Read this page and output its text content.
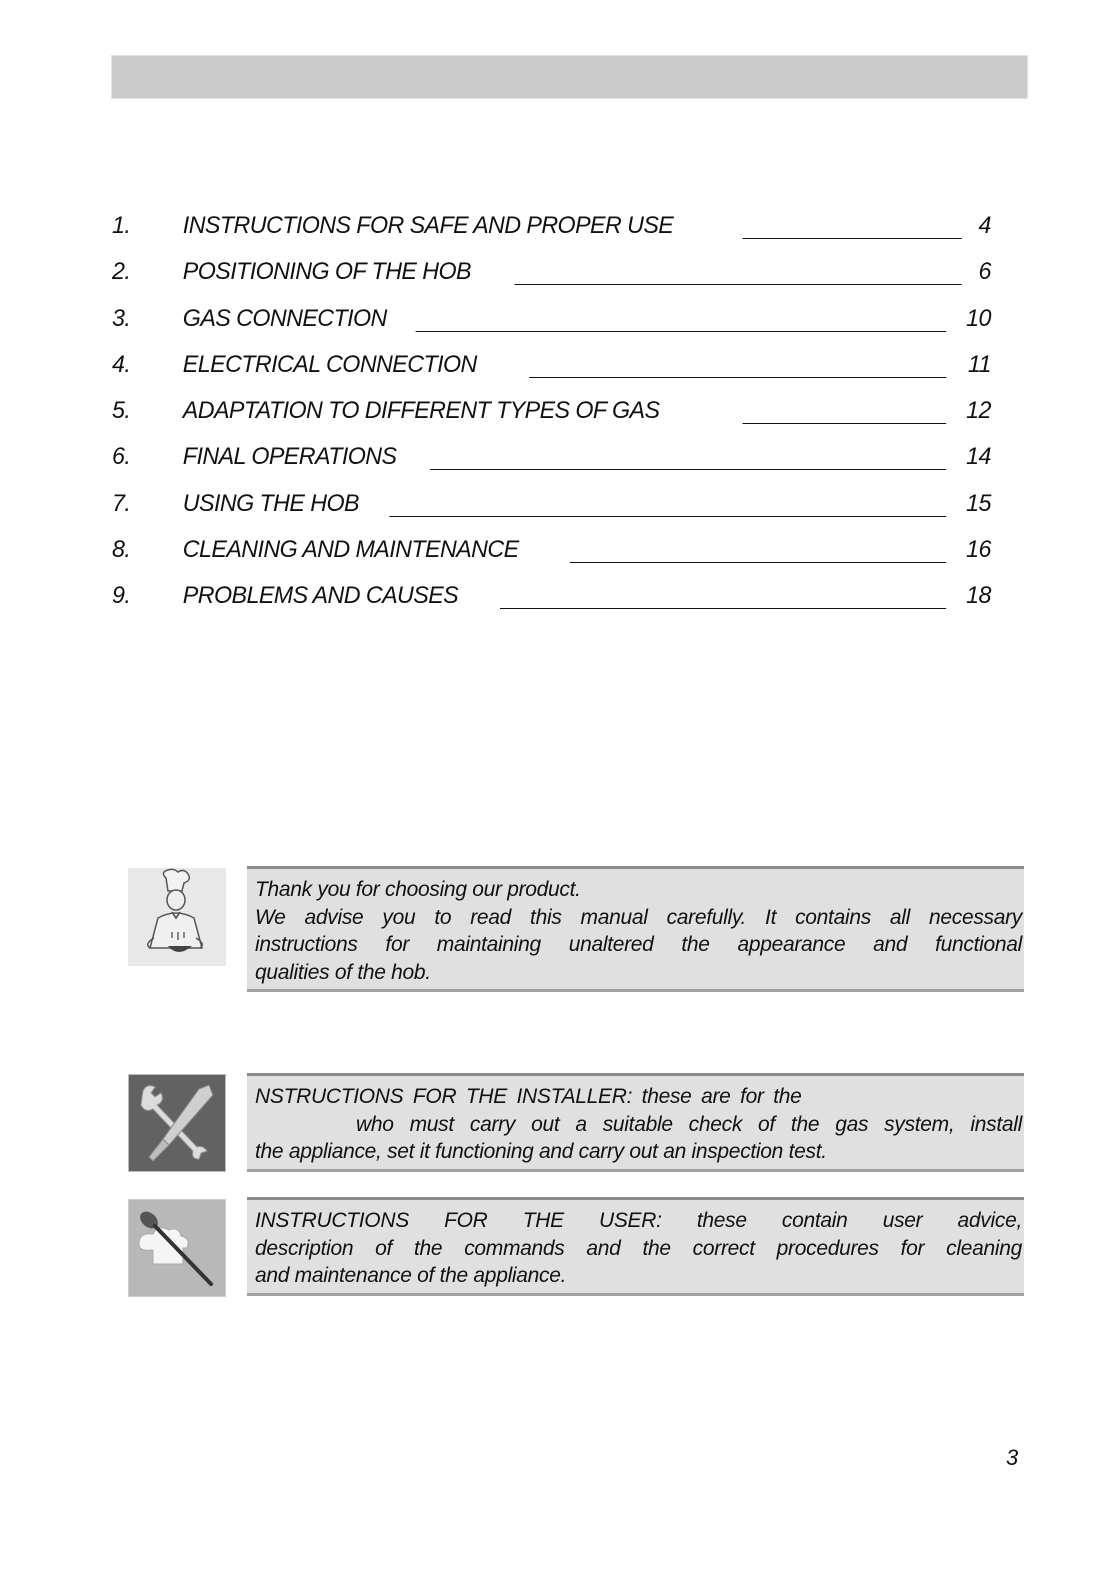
1. INSTRUCTIONS FOR SAFE AND PROPER USE	4
2. POSITIONING OF THE HOB	6
3. GAS CONNECTION	10
4. ELECTRICAL CONNECTION	11
5. ADAPTATION TO DIFFERENT TYPES OF GAS	12
6. FINAL OPERATIONS	14
7. USING THE HOB	15
8. CLEANING AND MAINTENANCE	16
9. PROBLEMS AND CAUSES	18
Thank you for choosing our product.
We advise you to read this manual carefully. It contains all necessary
instructions for maintaining unaltered the appearance and functional
qualities of the hob.
NSTRUCTIONS FOR THE INSTALLER: these are for the
who must carry out a suitable check of the gas system, install
the appliance, set it functioning and carry out an inspection test.
INSTRUCTIONS FOR THE USER: these contain user advice,
description of the commands and the correct procedures for cleaning
and maintenance of the appliance.
3
